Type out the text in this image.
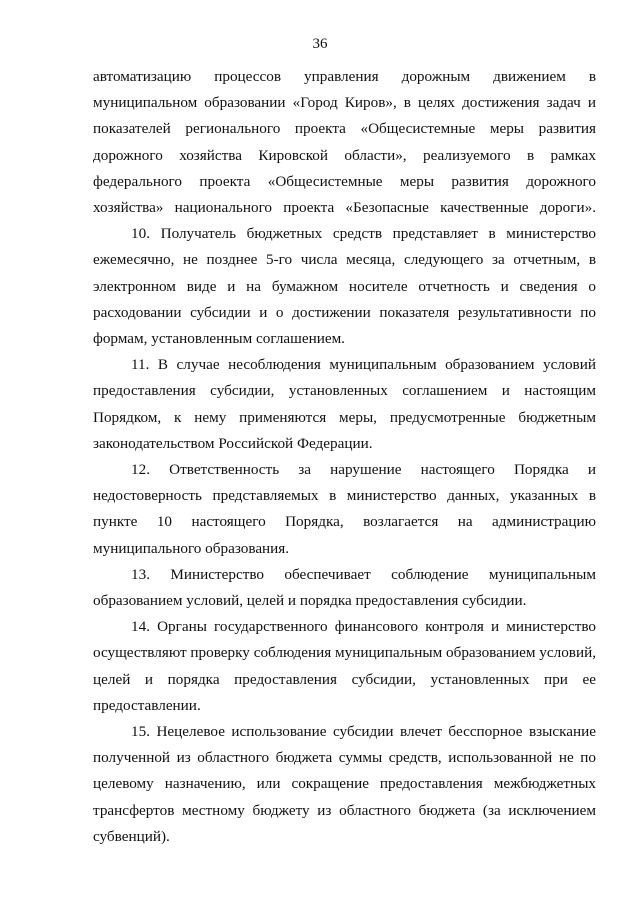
36

автоматизацию процессов управления дорожным движением в муниципальном образовании «Город Киров», в целях достижения задач и показателей регионального проекта «Общесистемные меры развития дорожного хозяйства Кировской области», реализуемого в рамках федерального проекта «Общесистемные меры развития дорожного хозяйства» национального проекта «Безопасные качественные дороги».

10. Получатель бюджетных средств представляет в министерство ежемесячно, не позднее 5-го числа месяца, следующего за отчетным, в электронном виде и на бумажном носителе отчетность и сведения о расходовании субсидии и о достижении показателя результативности по формам, установленным соглашением.

11. В случае несоблюдения муниципальным образованием условий предоставления субсидии, установленных соглашением и настоящим Порядком, к нему применяются меры, предусмотренные бюджетным законодательством Российской Федерации.

12. Ответственность за нарушение настоящего Порядка и недостоверность представляемых в министерство данных, указанных в пункте 10 настоящего Порядка, возлагается на администрацию муниципального образования.

13. Министерство обеспечивает соблюдение муниципальным образованием условий, целей и порядка предоставления субсидии.

14. Органы государственного финансового контроля и министерство осуществляют проверку соблюдения муниципальным образованием условий, целей и порядка предоставления субсидии, установленных при ее предоставлении.

15. Нецелевое использование субсидии влечет бесспорное взыскание полученной из областного бюджета суммы средств, использованной не по целевому назначению, или сокращение предоставления межбюджетных трансфертов местному бюджету из областного бюджета (за исключением субвенций).
